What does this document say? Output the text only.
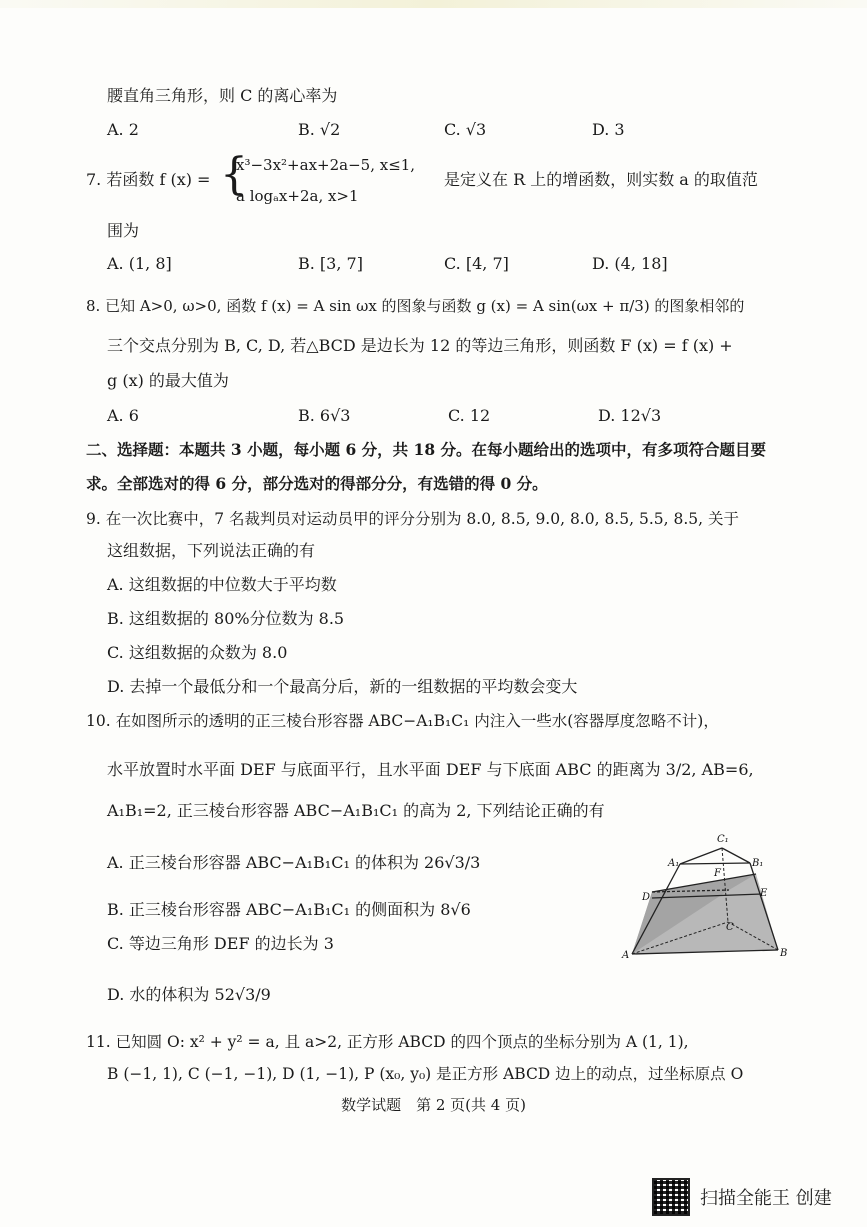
腰直角三角形，则 C 的离心率为
A. 2	B. √2	C. √3	D. 3
7. 若函数 f (x) = {
x³−3x²+ax+2a−5, x≤1,
a logₐx+2a, x>1
是定义在 R 上的增函数，则实数 a 的取值范
围为
A. (1, 8]	B. [3, 7]	C. [4, 7]	D. (4, 18]
8. 已知 A>0, ω>0, 函数 f (x) = A sin ωx 的图象与函数 g (x) = A sin(ωx + π/3) 的图象相邻的
三个交点分别为 B, C, D, 若△BCD 是边长为 12 的等边三角形，则函数 F (x) = f (x) +
g (x) 的最大值为
A. 6	B. 6√3	C. 12	D. 12√3
二、选择题：本题共 3 小题，每小题 6 分，共 18 分。在每小题给出的选项中，有多项符合题目要
求。全部选对的得 6 分，部分选对的得部分分，有选错的得 0 分。
9. 在一次比赛中，7 名裁判员对运动员甲的评分分别为 8.0, 8.5, 9.0, 8.0, 8.5, 5.5, 8.5, 关于
这组数据，下列说法正确的有
A. 这组数据的中位数大于平均数
B. 这组数据的 80%分位数为 8.5
C. 这组数据的众数为 8.0
D. 去掉一个最低分和一个最高分后，新的一组数据的平均数会变大
10. 在如图所示的透明的正三棱台形容器 ABC−A₁B₁C₁ 内注入一些水(容器厚度忽略不计)，
水平放置时水平面 DEF 与底面平行，且水平面 DEF 与下底面 ABC 的距离为 3/2, AB=6,
A₁B₁=2, 正三棱台形容器 ABC−A₁B₁C₁ 的高为 2, 下列结论正确的有
A. 正三棱台形容器 ABC−A₁B₁C₁ 的体积为 26√3/3
B. 正三棱台形容器 ABC−A₁B₁C₁ 的侧面积为 8√6
C. 等边三角形 DEF 的边长为 3
D. 水的体积为 52√3/9
C₁
A₁	B₁
F
D	E
C
A	B
11. 已知圆 O: x² + y² = a, 且 a>2, 正方形 ABCD 的四个顶点的坐标分别为 A (1, 1),
B (−1, 1), C (−1, −1), D (1, −1), P (x₀, y₀) 是正方形 ABCD 边上的动点，过坐标原点 O
数学试题　第 2 页(共 4 页)
扫描全能王 创建
